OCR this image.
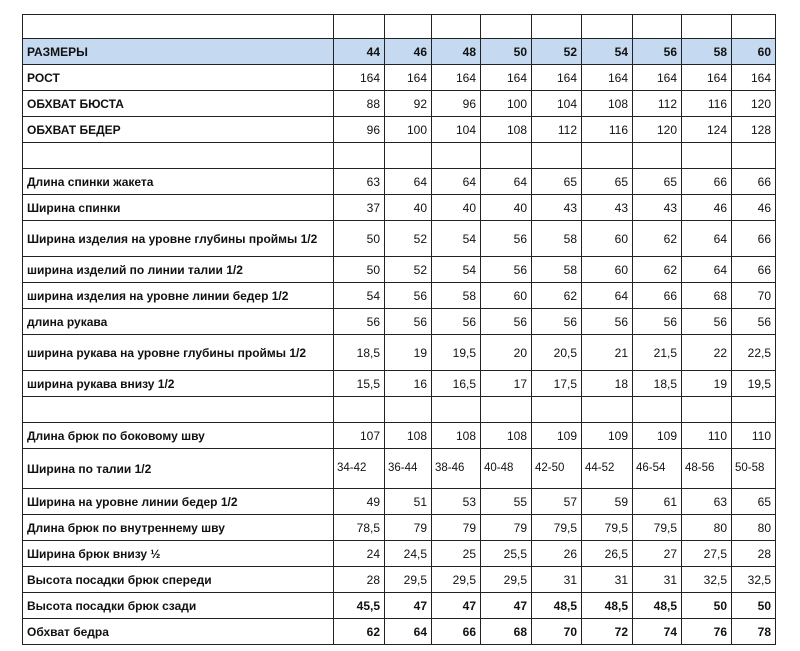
РАЗМЕРЫ	44	46	48	50	52	54	56	58	60
РОСТ	164	164	164	164	164	164	164	164	164
ОБХВАТ БЮСТА	88	92	96	100	104	108	112	116	120
ОБХВАТ БЕДЕР	96	100	104	108	112	116	120	124	128

Длина спинки жакета	63	64	64	64	65	65	65	66	66
Ширина спинки	37	40	40	40	43	43	43	46	46
Ширина изделия на уровне глубины проймы 1/2	50	52	54	56	58	60	62	64	66
ширина изделий по линии талии 1/2	50	52	54	56	58	60	62	64	66
ширина изделия на уровне линии бедер 1/2	54	56	58	60	62	64	66	68	70
длина рукава	56	56	56	56	56	56	56	56	56
ширина рукава на уровне глубины проймы 1/2	18,5	19	19,5	20	20,5	21	21,5	22	22,5
ширина рукава внизу 1/2	15,5	16	16,5	17	17,5	18	18,5	19	19,5

Длина брюк по боковому шву	107	108	108	108	109	109	109	110	110
Ширина по талии 1/2	34-42	36-44	38-46	40-48	42-50	44-52	46-54	48-56	50-58
Ширина на уровне линии бедер 1/2	49	51	53	55	57	59	61	63	65
Длина брюк по внутреннему шву	78,5	79	79	79	79,5	79,5	79,5	80	80
Ширина брюк внизу ½	24	24,5	25	25,5	26	26,5	27	27,5	28
Высота посадки брюк спереди	28	29,5	29,5	29,5	31	31	31	32,5	32,5
Высота посадки брюк сзади	45,5	47	47	47	48,5	48,5	48,5	50	50
Обхват бедра	62	64	66	68	70	72	74	76	78
